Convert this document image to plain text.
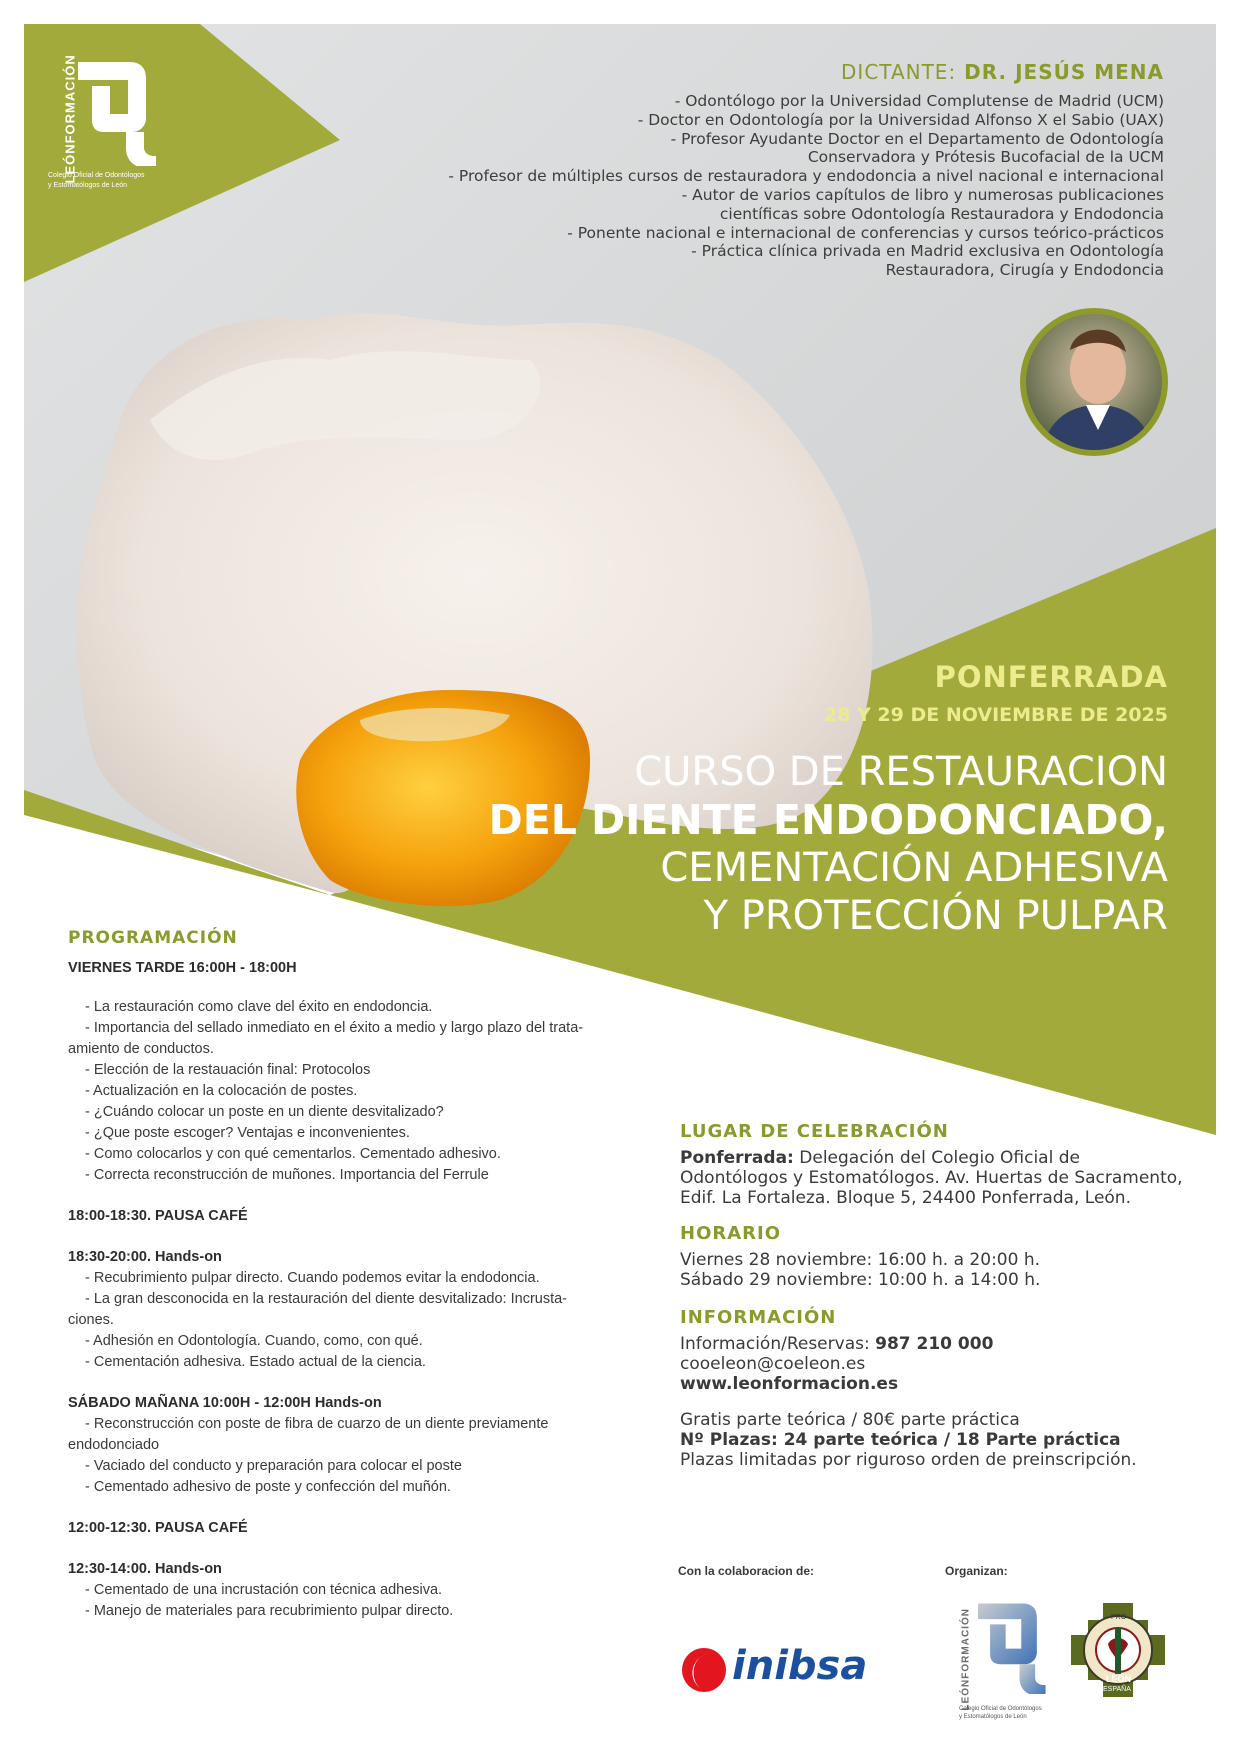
LEÓNFORMACIÓN
Colegio Oficial de Odontólogos
y Estomatólogos de León
DICTANTE: DR. JESÚS MENA
- Odontólogo por la Universidad Complutense de Madrid (UCM)
- Doctor en Odontología por la Universidad Alfonso X el Sabio (UAX)
- Profesor Ayudante Doctor en el Departamento de Odontología
Conservadora y Prótesis Bucofacial de la UCM
- Profesor de múltiples cursos de restauradora y endodoncia a nivel nacional e internacional
- Autor de varios capítulos de libro y numerosas publicaciones
científicas sobre Odontología Restauradora y Endodoncia
- Ponente nacional e internacional de conferencias y cursos teórico-prácticos
- Práctica clínica privada en Madrid exclusiva en Odontología
Restauradora, Cirugía y Endodoncia
PONFERRADA
28 Y 29 DE NOVIEMBRE DE 2025
CURSO DE RESTAURACION
DEL DIENTE ENDODONCIADO,
CEMENTACIÓN ADHESIVA
Y PROTECCIÓN PULPAR
PROGRAMACIÓN
VIERNES TARDE 16:00H - 18:00H
- La restauración como clave del éxito en endodoncia.
- Importancia del sellado inmediato en el éxito a medio y largo plazo del trata-
amiento de conductos.
- Elección de la restauación final: Protocolos
- Actualización en la colocación de postes.
- ¿Cuándo colocar un poste en un diente desvitalizado?
- ¿Que poste escoger? Ventajas e inconvenientes.
- Como colocarlos y con qué cementarlos. Cementado adhesivo.
- Correcta reconstrucción de muñones. Importancia del Ferrule
18:00-18:30. PAUSA CAFÉ
18:30-20:00. Hands-on
- Recubrimiento pulpar directo. Cuando podemos evitar la endodoncia.
- La gran desconocida en la restauración del diente desvitalizado: Incrusta-
ciones.
- Adhesión en Odontología. Cuando, como, con qué.
- Cementación adhesiva. Estado actual de la ciencia.
SÁBADO MAÑANA 10:00H - 12:00H Hands-on
- Reconstrucción con poste de fibra de cuarzo de un diente previamente
endodonciado
- Vaciado del conducto y preparación para colocar el poste
- Cementado adhesivo de poste y confección del muñón.
12:00-12:30. PAUSA CAFÉ
12:30-14:00. Hands-on
- Cementado de una incrustación con técnica adhesiva.
- Manejo de materiales para recubrimiento pulpar directo.
LUGAR DE CELEBRACIÓN
Ponferrada: Delegación del Colegio Oficial de
Odontólogos y Estomatólogos. Av. Huertas de Sacramento,
Edif. La Fortaleza. Bloque 5, 24400 Ponferrada, León.
HORARIO
Viernes 28 noviembre: 16:00 h. a 20:00 h.
Sábado 29 noviembre: 10:00 h. a 14:00 h.
INFORMACIÓN
Información/Reservas: 987 210 000
cooeleon@coeleon.es
www.leonformacion.es
Gratis parte teórica / 80€ parte práctica
Nº Plazas: 24 parte teórica / 18 Parte práctica
Plazas limitadas por riguroso orden de preinscripción.
Con la colaboracion de:	Organizan:
inibsa	LEÓNFORMACIÓN
Colegio Oficial de Odontólogos
y Estomatólogos de León
PRO
LEÓN
ESPAÑA
